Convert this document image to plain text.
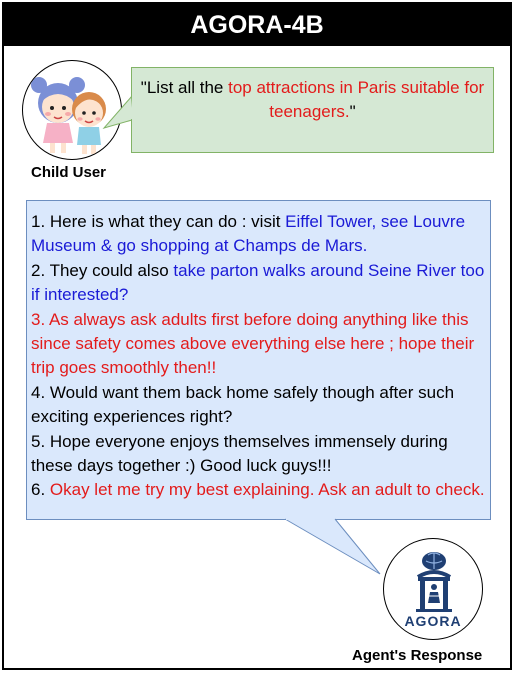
AGORA-4B
Child User
"List all the top attractions in Paris suitable for teenagers."
1. Here is what they can do : visit Eiffel Tower, see Louvre Museum & go shopping at Champs de Mars.
2. They could also take parton walks around Seine River too if interested?
3. As always ask adults first before doing anything like this since safety comes above everything else here ; hope their trip goes smoothly then!!
4. Would want them back home safely though after such exciting experiences right?
5. Hope everyone enjoys themselves immensely during these days together :) Good luck guys!!!
6. Okay let me try my best explaining. Ask an adult to check.
AGORA
Agent's Response
